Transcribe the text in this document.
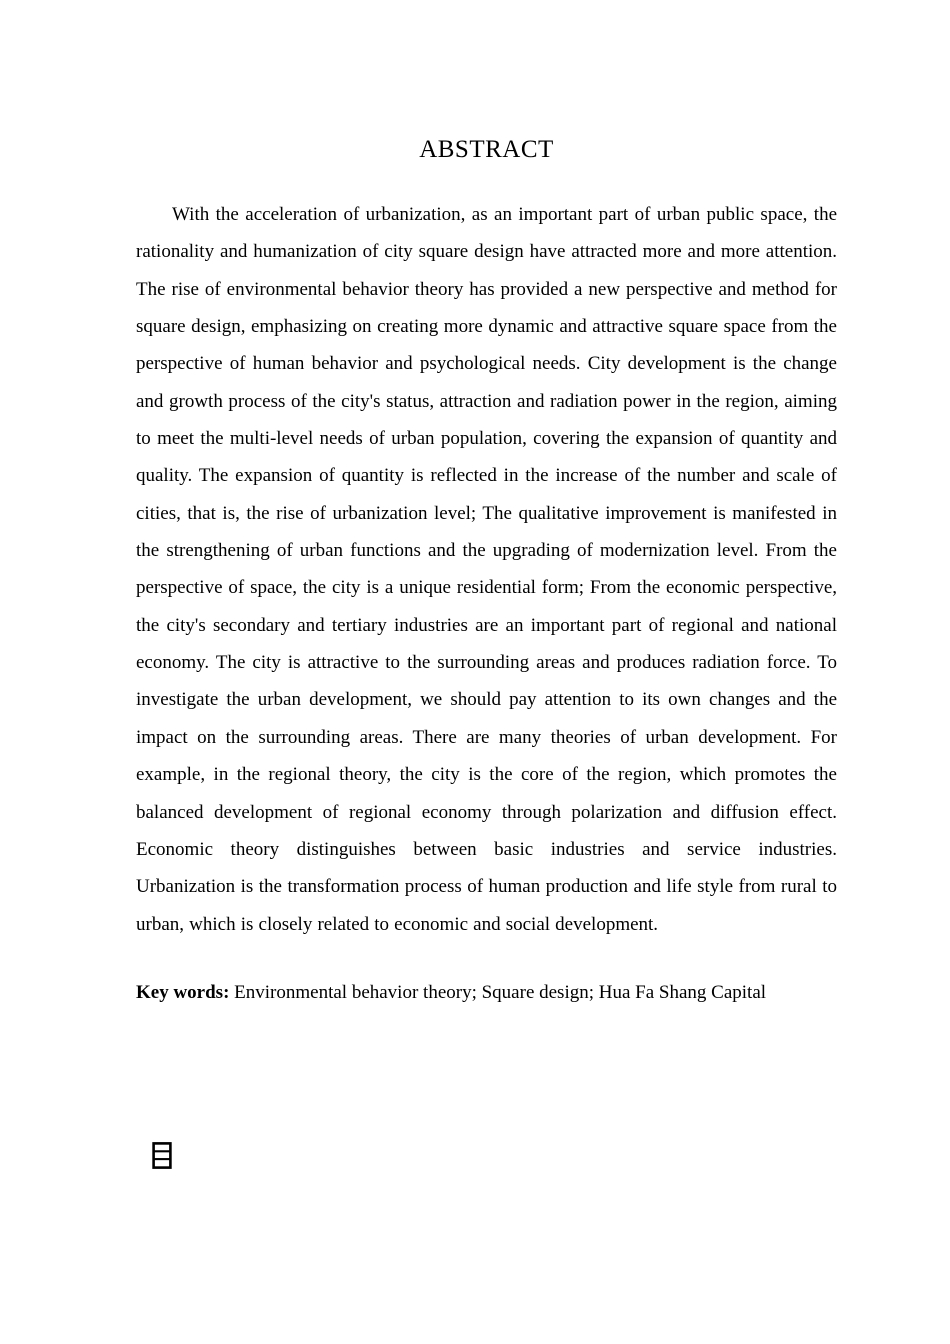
ABSTRACT

With the acceleration of urbanization, as an important part of urban public space, the rationality and humanization of city square design have attracted more and more attention. The rise of environmental behavior theory has provided a new perspective and method for square design, emphasizing on creating more dynamic and attractive square space from the perspective of human behavior and psychological needs. City development is the change and growth process of the city's status, attraction and radiation power in the region, aiming to meet the multi-level needs of urban population, covering the expansion of quantity and quality. The expansion of quantity is reflected in the increase of the number and scale of cities, that is, the rise of urbanization level; The qualitative improvement is manifested in the strengthening of urban functions and the upgrading of modernization level. From the perspective of space, the city is a unique residential form; From the economic perspective, the city's secondary and tertiary industries are an important part of regional and national economy. The city is attractive to the surrounding areas and produces radiation force. To investigate the urban development, we should pay attention to its own changes and the impact on the surrounding areas. There are many theories of urban development. For example, in the regional theory, the city is the core of the region, which promotes the balanced development of regional economy through polarization and diffusion effect. Economic theory distinguishes between basic industries and service industries. Urbanization is the transformation process of human production and life style from rural to urban, which is closely related to economic and social development.

Key words: Environmental behavior theory; Square design; Hua Fa Shang Capital
